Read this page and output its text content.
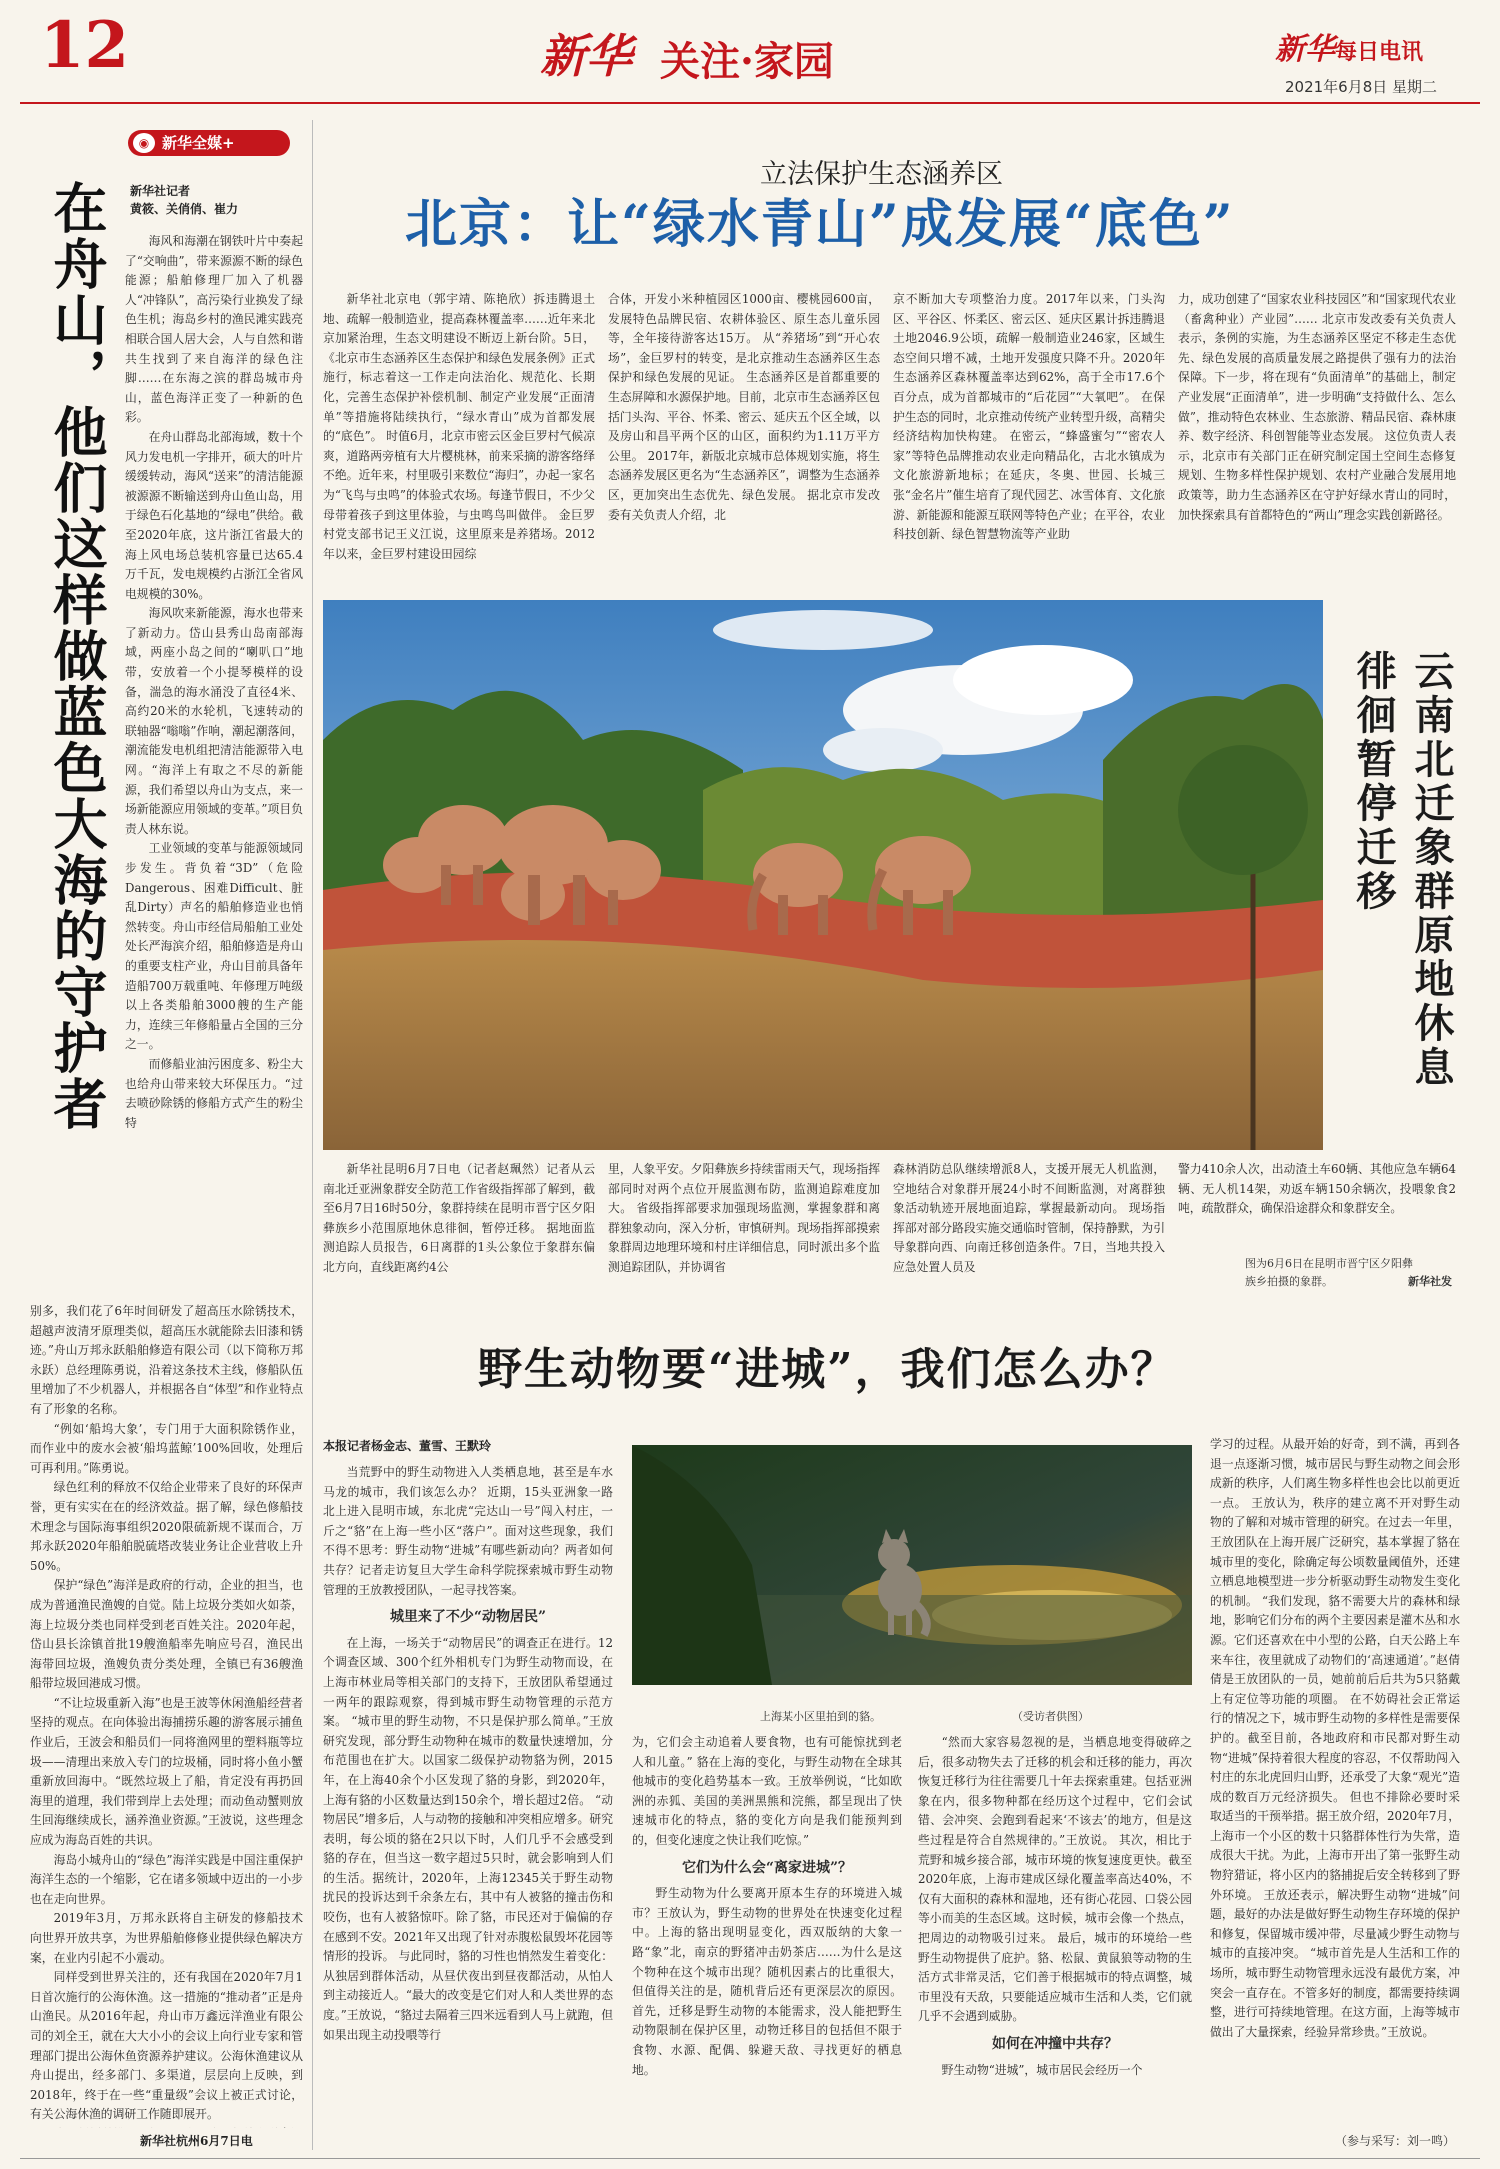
12	新华 关注·家园	新华每日电讯
2021年6月8日 星期二
◉ 新华全媒+
新华社记者
黄筱、关俏俏、崔力
在舟山，他们这样做蓝色大海的守护者	海风和海潮在钢铁叶片中奏起了“交响曲”，带来源源不断的绿色能源；船舶修理厂加入了机器人“冲锋队”，高污染行业换发了绿色生机；海岛乡村的渔民滩实践亮相联合国人居大会，人与自然和谐共生找到了来自海洋的绿色注脚……在东海之滨的群岛城市舟山，蓝色海洋正变了一种新的色彩。

在舟山群岛北部海域，数十个风力发电机一字排开，硕大的叶片缓缓转动，海风“送来”的清洁能源被源源不断输送到舟山鱼山岛，用于绿色石化基地的“绿电”供给。截至2020年底，这片浙江省最大的海上风电场总装机容量已达65.4万千瓦，发电规模约占浙江全省风电规模的30%。

海风吹来新能源，海水也带来了新动力。岱山县秀山岛南部海域，两座小岛之间的“喇叭口”地带，安放着一个小提琴模样的设备，湍急的海水涌没了直径4米、高约20米的水轮机，飞速转动的联轴器“嗡嗡”作响，潮起潮落间，潮流能发电机组把清洁能源带入电网。“海洋上有取之不尽的新能源，我们希望以舟山为支点，来一场新能源应用领域的变革。”项目负责人林东说。

工业领域的变革与能源领域同步发生。背负着“3D”（危险Dangerous、困难Difficult、脏乱Dirty）声名的船舶修造业也悄然转变。舟山市经信局船舶工业处处长严海滨介绍，船舶修造是舟山的重要支柱产业，舟山目前具备年造船700万载重吨、年修理万吨级以上各类船舶3000艘的生产能力，连续三年修船量占全国的三分之一。

而修船业油污困度多、粉尘大也给舟山带来较大环保压力。“过去喷砂除锈的修船方式产生的粉尘特

别多，我们花了6年时间研发了超高压水除锈技术，超越声波清牙原理类似，超高压水就能除去旧漆和锈迹。”舟山万邦永跃船舶修造有限公司（以下简称万邦永跃）总经理陈勇说，沿着这条技术主线，修船队伍里增加了不少机器人，并根据各自“体型”和作业特点有了形象的名称。

“例如‘船坞大象’，专门用于大面积除锈作业，而作业中的废水会被‘船坞蓝鲸’100%回收，处理后可再利用。”陈勇说。

绿色红利的释放不仅给企业带来了良好的环保声誉，更有实实在在的经济效益。据了解，绿色修船技术理念与国际海事组织2020限硫新规不谋而合，万邦永跃2020年船舶脱硫塔改装业务让企业营收上升50%。

保护“绿色”海洋是政府的行动，企业的担当，也成为普通渔民渔嫂的自觉。陆上垃圾分类如火如荼，海上垃圾分类也同样受到老百姓关注。2020年起，岱山县长涂镇首批19艘渔船率先响应号召，渔民出海带回垃圾，渔嫂负责分类处理，全镇已有36艘渔船带垃圾回港成习惯。

“不让垃圾重新入海”也是王波等休闲渔船经营者坚持的观点。在向体验出海捕捞乐趣的游客展示捕鱼作业后，王波会和船员们一同将渔网里的塑料瓶等垃圾——清理出来放入专门的垃圾桶，同时将小鱼小蟹重新放回海中。“既然垃圾上了船，肯定没有再扔回海里的道理，我们带到岸上去处理；而动鱼动蟹则放生回海继续成长，涵养渔业资源。”王波说，这些理念应成为海岛百姓的共识。

海岛小城舟山的“绿色”海洋实践是中国注重保护海洋生态的一个缩影，它在诸多领域中迈出的一小步也在走向世界。

2019年3月，万邦永跃将自主研发的修船技术向世界开放共享，为世界船舶修修业提供绿色解决方案，在业内引起不小震动。

同样受到世界关注的，还有我国在2020年7月1日首次施行的公海休渔。这一措施的“推动者”正是舟山渔民。从2016年起，舟山市万鑫远洋渔业有限公司的刘全王，就在大大小小的会议上向行业专家和管理部门提出公海休鱼资源养护建议。公海休渔建议从舟山提出，经多部门、多渠道，层层向上反映，到2018年，终于在一些“重量级”会议上被正式讨论，有关公海休渔的调研工作随即展开。

新华社杭州6月7日电
立法保护生态涵养区
北京：让“绿水青山”成发展“底色”
新华社北京电（郭宇靖、陈艳欣）拆违腾退土地、疏解一般制造业，提高森林覆盖率……近年来北京加紧治理，生态文明建设不断迈上新台阶。5日，《北京市生态涵养区生态保护和绿色发展条例》正式施行，标志着这一工作走向法治化、规范化、长期化，完善生态保护补偿机制、制定产业发展“正面清单”等措施将陆续执行，“绿水青山”成为首都发展的“底色”。 时值6月，北京市密云区金巨罗村气候凉爽，道路两旁植有大片樱桃林，前来采摘的游客络绎不绝。近年来，村里吸引来数位“海归”，办起一家名为“飞鸟与虫鸣”的体验式农场。每逢节假日，不少父母带着孩子到这里体验，与虫鸣鸟叫做伴。 金巨罗村党支部书记王义江说，这里原来是养猪场。2012年以来，金巨罗村建设田园综
合体，开发小米种植园区1000亩、樱桃园600亩，发展特色品牌民宿、农耕体验区、原生态儿童乐园等，全年接待游客达15万。 从“养猪场”到“开心农场”，金巨罗村的转变，是北京推动生态涵养区生态保护和绿色发展的见证。 生态涵养区是首都重要的生态屏障和水源保护地。目前，北京市生态涵养区包括门头沟、平谷、怀柔、密云、延庆五个区全域，以及房山和昌平两个区的山区，面积约为1.11万平方公里。 2017年，新版北京城市总体规划实施，将生态涵养发展区更名为“生态涵养区”，调整为生态涵养区，更加突出生态优先、绿色发展。 据北京市发改委有关负责人介绍，北
京不断加大专项整治力度。2017年以来，门头沟区、平谷区、怀柔区、密云区、延庆区累计拆违腾退土地2046.9公顷，疏解一般制造业246家，区域生态空间只增不减，土地开发强度只降不升。2020年生态涵养区森林覆盖率达到62%，高于全市17.6个百分点，成为首都城市的“后花园”“大氧吧”。 在保护生态的同时，北京推动传统产业转型升级，高精尖经济结构加快构建。 在密云，“蜂盛蜜匀”“密农人家”等特色品牌推动农业走向精品化，古北水镇成为文化旅游新地标；在延庆，冬奥、世园、长城三张“金名片”催生培育了现代园艺、冰雪体育、文化旅游、新能源和能源互联网等特色产业；在平谷，农业科技创新、绿色智慧物流等产业助
力，成功创建了“国家农业科技园区”和“国家现代农业（畜禽种业）产业园”…… 北京市发改委有关负责人表示，条例的实施，为生态涵养区坚定不移走生态优先、绿色发展的高质量发展之路提供了强有力的法治保障。下一步，将在现有“负面清单”的基础上，制定产业发展“正面清单”，进一步明确“支持做什么、怎么做”，推动特色农林业、生态旅游、精品民宿、森林康养、数字经济、科创智能等业态发展。 这位负责人表示，北京市有关部门正在研究制定国土空间生态修复规划、生物多样性保护规划、农村产业融合发展用地政策等，助力生态涵养区在守护好绿水青山的同时，加快探索具有首都特色的“两山”理念实践创新路径。
云南北迁象群原地休息徘徊暂停迁移
新华社昆明6月7日电（记者赵珮然）记者从云南北迁亚洲象群安全防范工作省级指挥部了解到，截至6月7日16时50分，象群持续在昆明市晋宁区夕阳彝族乡小范围原地休息徘徊，暂停迁移。 据地面监测追踪人员报告，6日离群的1头公象位于象群东偏北方向，直线距离约4公
里，人象平安。夕阳彝族乡持续雷雨天气，现场指挥部同时对两个点位开展监测布防，监测追踪难度加大。 省级指挥部要求加强现场监测，掌握象群和离群独象动向，深入分析，审慎研判。现场指挥部摸索象群周边地理环境和村庄详细信息，同时派出多个监测追踪团队，并协调省
森林消防总队继续增派8人，支援开展无人机监测，空地结合对象群开展24小时不间断监测，对离群独象活动轨迹开展地面追踪，掌握最新动向。 现场指挥部对部分路段实施交通临时管制，保持静默，为引导象群向西、向南迁移创造条件。7日，当地共投入应急处置人员及
警力410余人次，出动渣土车60辆、其他应急车辆64辆、无人机14架，劝返车辆150余辆次，投喂象食2吨，疏散群众，确保沿途群众和象群安全。
图为6月6日在昆明市晋宁区夕阳彝族乡拍摄的象群。	新华社发
野生动物要“进城”，我们怎么办？
本报记者杨金志、董雪、王默玲

当荒野中的野生动物进入人类栖息地，甚至是车水马龙的城市，我们该怎么办？ 近期，15头亚洲象一路北上进入昆明市域，东北虎“完达山一号”闯入村庄，一斤之“貉”在上海一些小区“落户”。面对这些现象，我们不得不思考：野生动物“进城”有哪些新动向？两者如何共存？记者走访复旦大学生命科学院探索城市野生动物管理的王放教授团队，一起寻找答案。

城里来了不少“动物居民”

在上海，一场关于“动物居民”的调查正在进行。12个调查区域、300个红外相机专门为野生动物而设，在上海市林业局等相关部门的支持下，王放团队希望通过一两年的跟踪观察，得到城市野生动物管理的示范方案。 “城市里的野生动物，不只是保护那么简单。”王放研究发现，部分野生动物种在城市的数量快速增加，分布范围也在扩大。以国家二级保护动物貉为例，2015年，在上海40余个小区发现了貉的身影，到2020年，上海有貉的小区数量达到150余个，增长超过2倍。 “动物居民”增多后，人与动物的接触和冲突相应增多。研究表明，每公顷的貉在2只以下时，人们几乎不会感受到貉的存在，但当这一数字超过5只时，就会影响到人们的生活。据统计，2020年，上海12345关于野生动物扰民的投诉达到千余条左右，其中有人被貉的撞击伤和咬伤，也有人被貉惊吓。除了貉，市民还对于偏偏的存在感到不安。2021年又出现了针对赤腹松鼠毁坏花园等情形的投诉。 与此同时，貉的习性也悄然发生着变化：从独居到群体活动，从昼伏夜出到昼夜都活动，从怕人到主动接近人。“最大的改变是它们对人和人类世界的态度。”王放说，“貉过去隔着三四米远看到人马上就跑，但如果出现主动投喂等行

上海某小区里拍到的貉。	（受访者供图）

为，它们会主动追着人要食物，也有可能惊扰到老人和儿童。” 貉在上海的变化，与野生动物在全球其他城市的变化趋势基本一致。王放举例说，“比如欧洲的赤狐、美国的美洲黑熊和浣熊，都呈现出了快速城市化的特点，貉的变化方向是我们能预判到的，但变化速度之快让我们吃惊。”

它们为什么会“离家进城”？

野生动物为什么要离开原本生存的环境进入城市？王放认为，野生动物的世界处在快速变化过程中。上海的貉出现明显变化，西双版纳的大象一路“象”北，南京的野猪冲击奶茶店……为什么是这个物种在这个城市出现？随机因素占的比重很大，但值得关注的是，随机背后还有更深层次的原因。 首先，迁移是野生动物的本能需求，没人能把野生动物限制在保护区里，动物迁移目的包括但不限于食物、水源、配偶、躲避天敌、寻找更好的栖息地。

“然而大家容易忽视的是，当栖息地变得破碎之后，很多动物失去了迁移的机会和迁移的能力，再次恢复迁移行为往往需要几十年去探索重建。包括亚洲象在内，很多物种都在经历这个过程中，它们会试错、会冲突、会跑到看起来‘不该去’的地方，但是这些过程是符合自然规律的。”王放说。 其次，相比于荒野和城乡接合部，城市环境的恢复速度更快。截至2020年底，上海市建成区绿化覆盖率高达40%，不仅有大面积的森林和湿地，还有街心花园、口袋公园等小而美的生态区域。这时候，城市会像一个热点，把周边的动物吸引过来。 最后，城市的环境给一些野生动物提供了庇护。貉、松鼠、黄鼠狼等动物的生活方式非常灵活，它们善于根据城市的特点调整，城市里没有天敌，只要能适应城市生活和人类，它们就几乎不会遇到威胁。

如何在冲撞中共存？

野生动物“进城”，城市居民会经历一个

学习的过程。从最开始的好奇，到不满，再到各退一点逐渐习惯，城市居民与野生动物之间会形成新的秩序，人们离生物多样性也会比以前更近一点。 王放认为，秩序的建立离不开对野生动物的了解和对城市管理的研究。在过去一年里，王放团队在上海开展广泛研究，基本掌握了貉在城市里的变化，除确定每公顷数量阈值外，还建立栖息地模型进一步分析驱动野生动物发生变化的机制。 “我们发现，貉不需要大片的森林和绿地，影响它们分布的两个主要因素是灌木丛和水源。它们还喜欢在中小型的公路，白天公路上车来车往，夜里就成了动物们的‘高速通道’。”赵倩倩是王放团队的一员，她前前后后共为5只貉戴上有定位等功能的项圈。 在不妨碍社会正常运行的情况之下，城市野生动物的多样性是需要保护的。截至目前，各地政府和市民都对野生动物“进城”保持着很大程度的容忍，不仅帮助闯入村庄的东北虎回归山野，还承受了大象“观光”造成的数百万元经济损失。 但也不排除必要时采取适当的干预举措。据王放介绍，2020年7月，上海市一个小区的数十只貉群体性行为失常，造成很大干扰。为此，上海市开出了第一张野生动物狩猎证，将小区内的貉捕捉后安全转移到了野外环境。 王放还表示，解决野生动物“进城”问题，最好的办法是做好野生动物生存环境的保护和修复，保留城市缓冲带，尽量减少野生动物与城市的直接冲突。 “城市首先是人生活和工作的场所，城市野生动物管理永远没有最优方案，冲突会一直存在。不管多好的制度，都需要持续调整，进行可持续地管理。在这方面，上海等城市做出了大量探索，经验异常珍贵。”王放说。

（参与采写：刘一鸣）
